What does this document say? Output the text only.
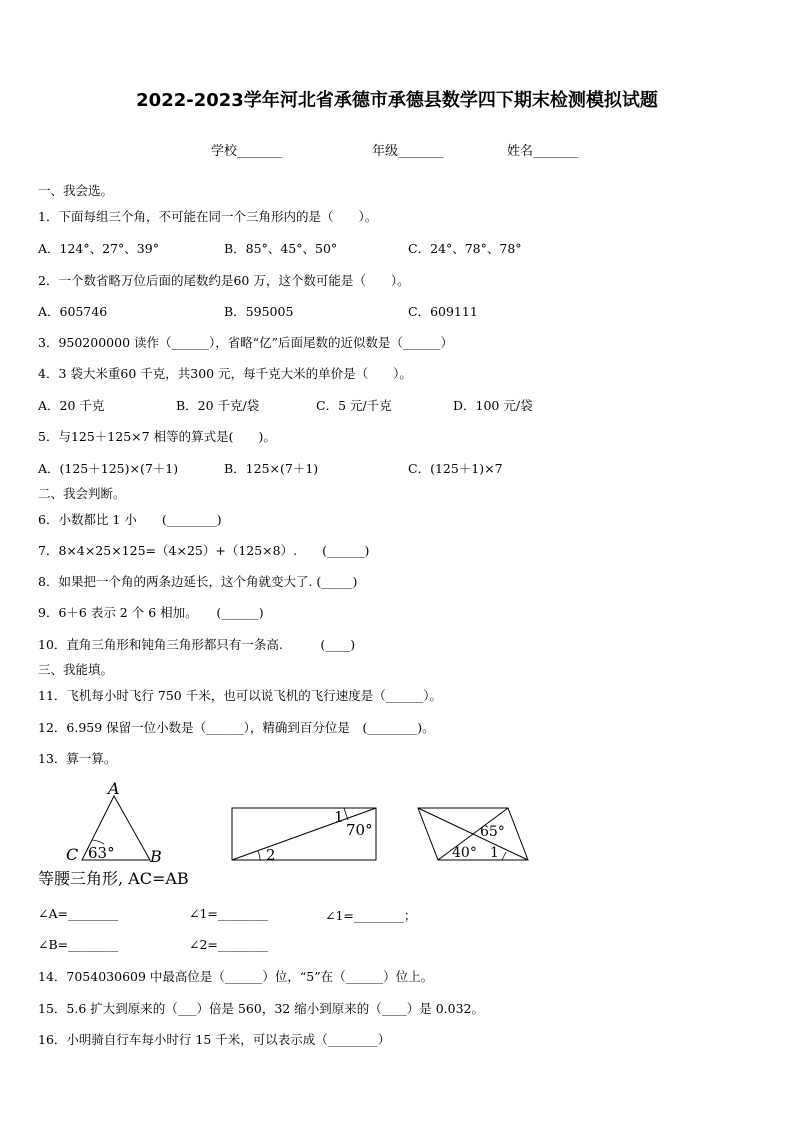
2022-2023学年河北省承德市承德县数学四下期末检测模拟试题
学校_______	年级_______	姓名_______
一、我会选。
1．下面每组三个角，不可能在同一个三角形内的是（　　）。
A．124°、27°、39°	B．85°、45°、50°	C．24°、78°、78°
2．一个数省略万位后面的尾数约是60 万，这个数可能是（　　）。
A．605746	B．595005	C．609111
3．950200000 读作（______），省略“亿”后面尾数的近似数是（______）
4．3 袋大米重60 千克，共300 元，每千克大米的单价是（　　）。
A．20 千克	B．20 千克/袋	C．5 元/千克	D．100 元/袋
5．与125＋125×7 相等的算式是(　　)。
A．(125＋125)×(7＋1)	B．125×(7＋1)	C．(125＋1)×7
二、我会判断。
6．小数都比 1 小　　(________)
7．8×4×25×125=（4×25）+（125×8）.　　(______)
8．如果把一个角的两条边延长，这个角就变大了. (_____)
9．6＋6 表示 2 个 6 相加。　　(______)
10．直角三角形和钝角三角形都只有一条高.　　　(____)
三、我能填。
11．飞机每小时飞行 750 千米，也可以说飞机的飞行速度是（______）。
12．6.959 保留一位小数是（______），精确到百分位是　(________)。
13．算一算。
A
C 63° B
1
70°
2
65°
40° 1
等腰三角形, AC=AB
∠A=________	∠1=________	∠1=________；
∠B=________	∠2=________
14．7054030609 中最高位是（______）位，“5”在（______）位上。
15．5.6 扩大到原来的（___）倍是 560，32 缩小到原来的（____）是 0.032。
16．小明骑自行车每小时行 15 千米，可以表示成（________）
